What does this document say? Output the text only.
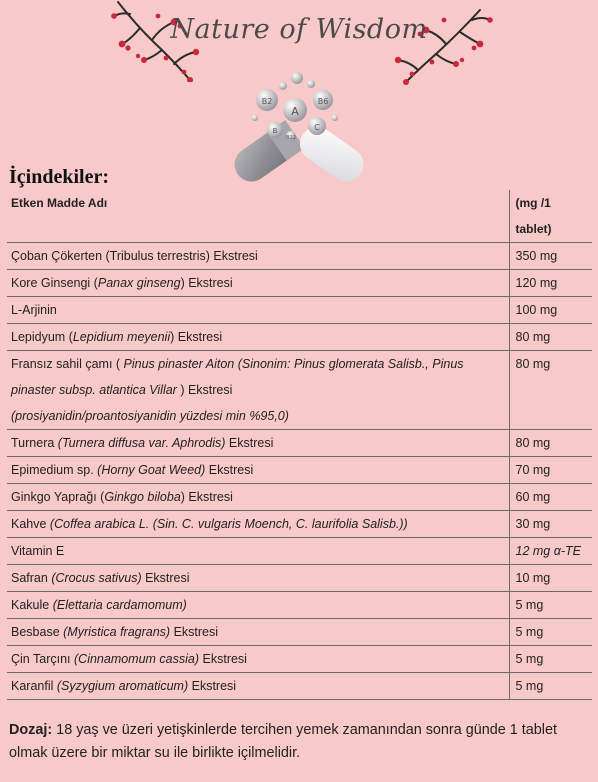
Nature of Wisdom
B2	B6
A
C
B
B12
İçindekiler:
Etken Madde Adı	(mg /1
	tablet)
Çoban Çökerten (Tribulus terrestris) Ekstresi	350 mg
Kore Ginsengi (Panax ginseng) Ekstresi	120 mg
L-Arjinin	100 mg
Lepidyum (Lepidium meyenii) Ekstresi	80 mg
Fransız sahil çamı ( Pinus pinaster Aiton (Sinonim: Pinus glomerata Salisb., Pinus	80 mg
pinaster subsp. atlantica Villar ) Ekstresi	
(prosiyanidin/proantosiyanidin yüzdesi min %95,0)	
Turnera (Turnera diffusa var. Aphrodis) Ekstresi	80 mg
Epimedium sp. (Horny Goat Weed) Ekstresi	70 mg
Ginkgo Yaprağı (Ginkgo biloba) Ekstresi	60 mg
Kahve (Coffea arabica L. (Sin. C. vulgaris Moench, C. laurifolia Salisb.))	30 mg
Vitamin E	12 mg α-TE
Safran (Crocus sativus) Ekstresi	10 mg
Kakule (Elettaria cardamomum)	5 mg
Besbase (Myristica fragrans) Ekstresi	5 mg
Çin Tarçını (Cinnamomum cassia) Ekstresi	5 mg
Karanfil (Syzygium aromaticum) Ekstresi	5 mg
Dozaj: 18 yaş ve üzeri yetişkinlerde tercihen yemek zamanından sonra günde 1 tablet olmak üzere bir miktar su ile birlikte içilmelidir.
